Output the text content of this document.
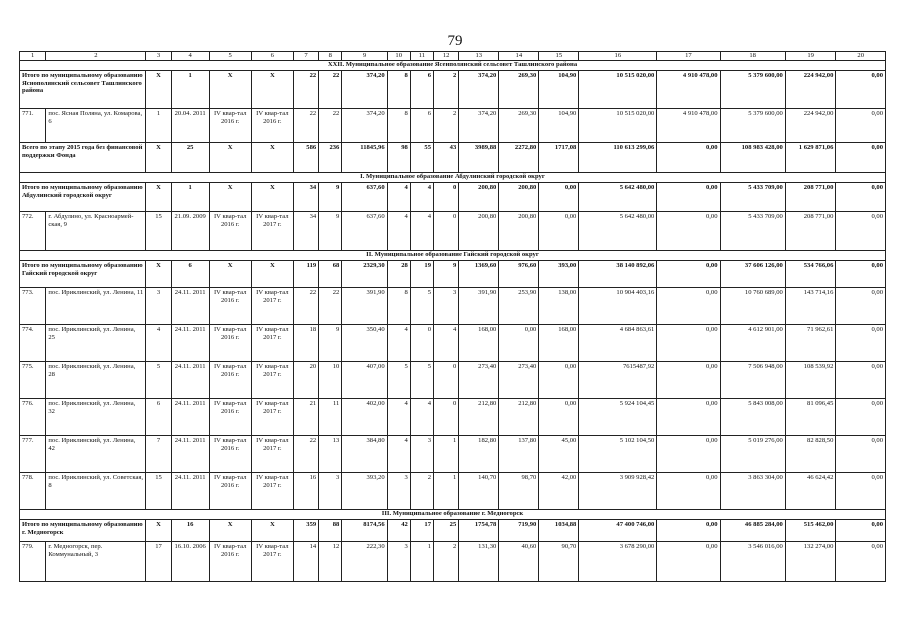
79
1	2	3	4	5	6	7	8	9	10	11	12	13	14	15	16	17	18	19	20
XXII. Муниципальное образование Ясенполянский сельсовет Ташлинского района																			
Итого по муниципальному образованию Яснополянский сельсовет Ташлинского района		X	1	X	X	22	22	374,20	8	6	2	374,20	269,30	104,90	10 515 020,00	4 910 478,00	5 379 600,00	224 942,00	0,00
771.	пос. Ясная Поляна, ул. Комарова, 6	1	20.04. 2011	IV квар-тал 2016 г.	IV квар-тал 2016 г.	22	22	374,20	8	6	2	374,20	269,30	104,90	10 515 020,00	4 910 478,00	5 379 600,00	224 942,00	0,00
Всего по этапу 2015 года без финансовой поддержки Фонда		X	25	X	X	586	236	11845,96	98	55	43	3989,88	2272,80	1717,08	110 613 299,06	0,00	108 983 428,00	1 629 871,06	0,00
I. Муниципальное образование Абдулинский городской округ																			
Итого по муниципальному образованию Абдулинский городской округ		X	1	X	X	34	9	637,60	4	4	0	200,80	200,80	0,00	5 642 480,00	0,00	5 433 709,00	208 771,00	0,00
772.	г. Абдулино, ул. Красноармей-ская, 9	15	21.09. 2009	IV квар-тал 2016 г.	IV квар-тал 2017 г.	34	9	637,60	4	4	0	200,80	200,80	0,00	5 642 480,00	0,00	5 433 709,00	208 771,00	0,00
II. Муниципальное образование Гайский городской округ																			
Итого по муниципальному образованию Гайский городской округ		X	6	X	X	119	68	2329,30	28	19	9	1369,60	976,60	393,00	38 140 892,06	0,00	37 606 126,00	534 766,06	0,00
773.	пос. Ириклинский, ул. Ленина, 11	3	24.11. 2011	IV квар-тал 2016 г.	IV квар-тал 2017 г.	22	22	391,90	8	5	3	391,90	253,90	138,00	10 904 403,16	0,00	10 760 689,00	143 714,16	0,00
774.	пос. Ириклинский, ул. Ленина, 25	4	24.11. 2011	IV квар-тал 2016 г.	IV квар-тал 2017 г.	18	9	350,40	4	0	4	168,00	0,00	168,00	4 684 863,61	0,00	4 612 901,00	71 962,61	0,00
775.	пос. Ириклинский, ул. Ленина, 28	5	24.11. 2011	IV квар-тал 2016 г.	IV квар-тал 2017 г.	20	10	407,00	5	5	0	273,40	273,40	0,00	7615487,92	0,00	7 506 948,00	108 539,92	0,00
776.	пос. Ириклинский, ул. Ленина, 32	6	24.11. 2011	IV квар-тал 2016 г.	IV квар-тал 2017 г.	21	11	402,00	4	4	0	212,80	212,80	0,00	5 924 104,45	0,00	5 843 008,00	81 096,45	0,00
777.	пос. Ириклинский, ул. Ленина, 42	7	24.11. 2011	IV квар-тал 2016 г.	IV квар-тал 2017 г.	22	13	384,80	4	3	1	182,80	137,80	45,00	5 102 104,50	0,00	5 019 276,00	82 828,50	0,00
778.	пос. Ириклинский, ул. Советская, 8	15	24.11. 2011	IV квар-тал 2016 г.	IV квар-тал 2017 г.	16	3	393,20	3	2	1	140,70	98,70	42,00	3 909 928,42	0,00	3 863 304,00	46 624,42	0,00
III. Муниципальное образование г. Медногорск																			
Итого по муниципальному образованию г. Медногорск		X	16	X	X	359	88	8174,56	42	17	25	1754,78	719,90	1034,88	47 400 746,00	0,00	46 885 284,00	515 462,00	0,00
779.	г. Медногорск, пер. Коммунальный, 3	17	16.10. 2006	IV квар-тал 2016 г.	IV квар-тал 2017 г.	14	12	222,30	3	1	2	131,30	40,60	90,70	3 678 290,00	0,00	3 546 016,00	132 274,00	0,00
